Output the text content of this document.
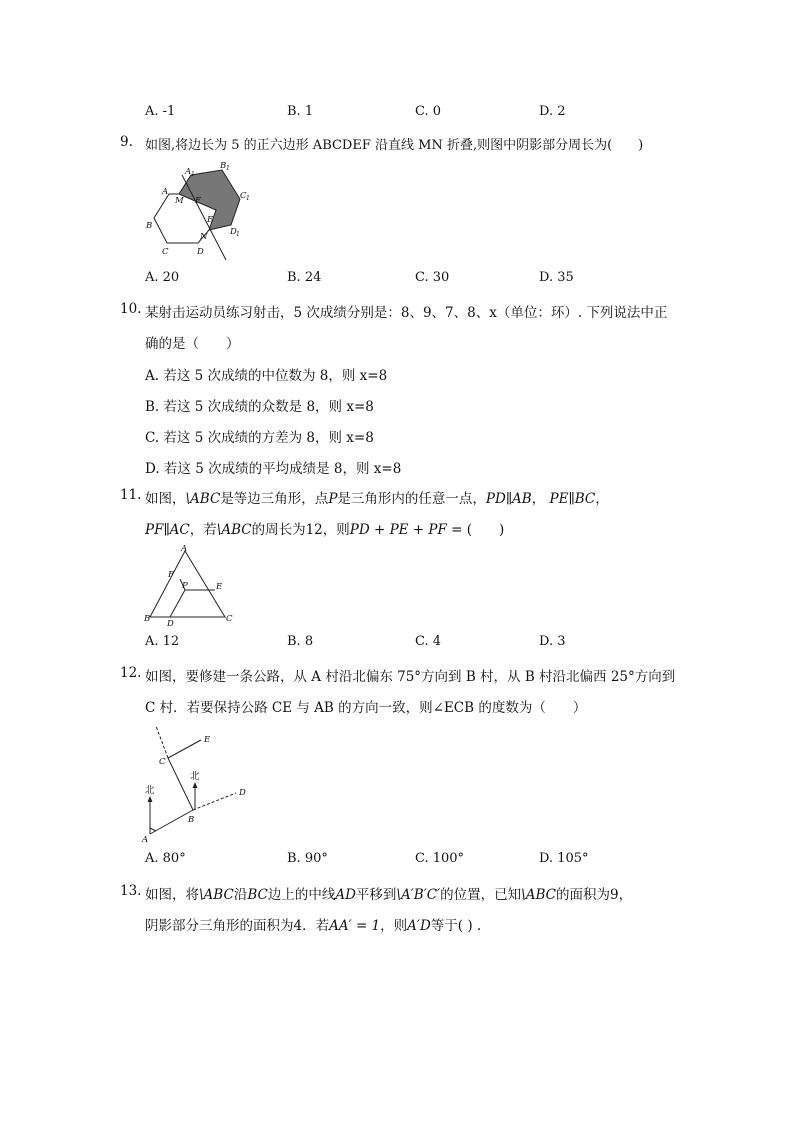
A. -1	B. 1	C. 0	D. 2
9. 如图,将边长为 5 的正六边形 ABCDEF 沿直线 MN 折叠,则图中阴影部分周长为(　　)
A 1
B 1
C 1
D 1
A
M F
E
N
B
C	D
A. 20	B. 24	C. 30	D. 35
10. 某射击运动员练习射击，5 次成绩分别是：8、9、7、8、x（单位：环）. 下列说法中正
确的是（　　）
A. 若这 5 次成绩的中位数为 8，则 x=8
B. 若这 5 次成绩的众数是 8，则 x=8
C. 若这 5 次成绩的方差为 8，则 x=8
D. 若这 5 次成绩的平均成绩是 8，则 x=8
11. 如图，\ABC是等边三角形，点P是三角形内的任意一点，PD∥AB， PE∥BC，
PF∥AC，若\ABC的周长为12，则PD + PE + PF = (　　)
A
F
P	E
B D	C
A. 12	B. 8	C. 4	D. 3
12. 如图，要修建一条公路，从 A 村沿北偏东 75°方向到 B 村，从 B 村沿北偏西 25°方向到
C 村．若要保持公路 CE 与 AB 的方向一致，则∠ECB 的度数为（　　）
北
北
C
E
B
D
A
A. 80°	B. 90°	C. 100°	D. 105°
13. 如图，将\ABC沿BC边上的中线AD平移到\A′B′C′的位置，已知\ABC的面积为9，
阴影部分三角形的面积为4．若AA′ = 1，则A′D等于( ) .
